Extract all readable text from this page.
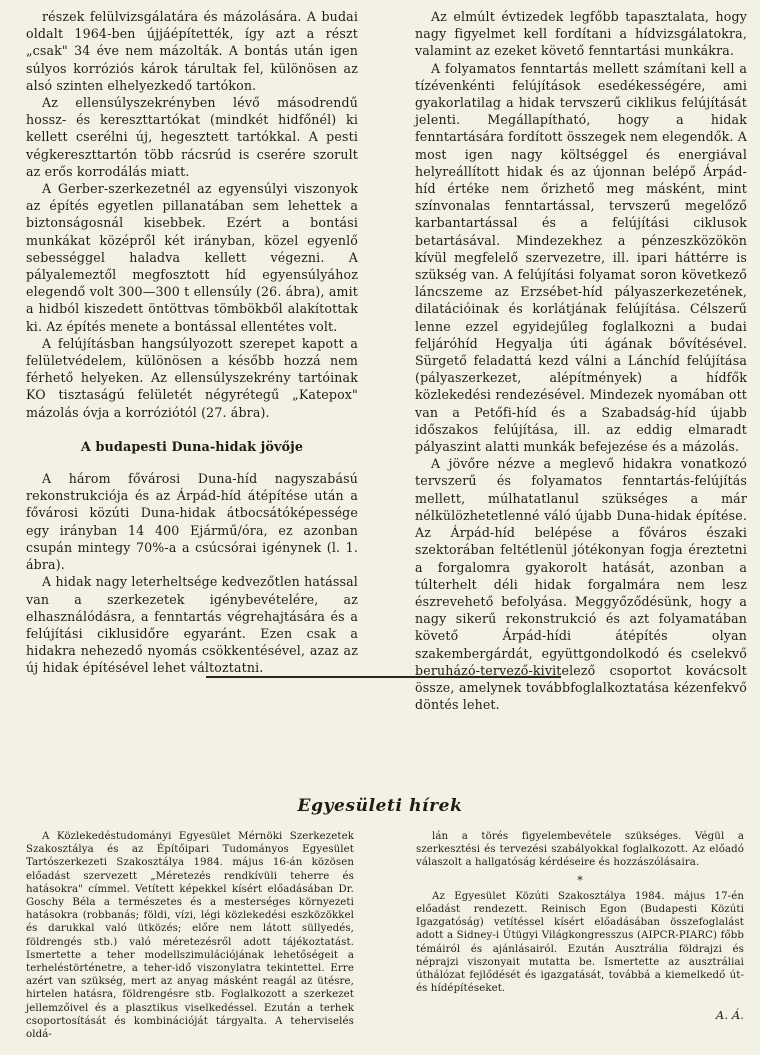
részek felülvizsgálatára és mázolására. A budai oldalt 1964-ben újjáépítették, így azt a részt „csak" 34 éve nem mázolták. A bontás után igen súlyos korróziós károk tárultak fel, különösen az alsó szinten elhelyezkedő tartókon.

Az ellensúlyszekrényben lévő másodrendű hossz- és kereszttartókat (mindkét hidfőnél) ki kellett cserélni új, hegesztett tartókkal. A pesti végkereszttartón több rácsrúd is cserére szorult az erős korrodálás miatt.

A Gerber-szerkezetnél az egyensúlyi viszonyok az építés egyetlen pillanatában sem lehettek a biztonságosnál kisebbek. Ezért a bontási munkákat középről két irányban, közel egyenlő sebességgel haladva kellett végezni. A pályalemeztől megfosztott híd egyensúlyához elegendő volt 300—300 t ellensúly (26. ábra), amit a hidból kiszedett öntöttvas tömbökből alakítottak ki. Az építés menete a bontással ellentétes volt.

A felújításban hangsúlyozott szerepet kapott a felületvédelem, különösen a később hozzá nem férhető helyeken. Az ellensúlyszekrény tartóinak KO tisztaságú felületét négyrétegű „Katepox" mázolás óvja a korróziótól (27. ábra).

A budapesti Duna-hidak jövője

A három fővárosi Duna-híd nagyszabású rekonstrukciója és az Árpád-híd átépítése után a fővárosi közúti Duna-hidak átbocsátóképessége egy irányban 14 400 Ejármű/óra, ez azonban csupán mintegy 70%-a a csúcsórai igénynek (l. 1. ábra).

A hidak nagy leterheltsége kedvezőtlen hatással van a szerkezetek igénybevételére, az elhasználódásra, a fenntartás végrehajtására és a felújítási ciklusidőre egyaránt. Ezen csak a hidakra nehezedő nyomás csökkentésével, azaz az új hidak építésével lehet változtatni.

Az elmúlt évtizedek legfőbb tapasztalata, hogy nagy figyelmet kell fordítani a hídvizsgálatokra, valamint az ezeket követő fenntartási munkákra.

A folyamatos fenntartás mellett számítani kell a tízévenkénti felújítások esedékességére, ami gyakorlatilag a hidak tervszerű ciklikus felújítását jelenti. Megállapítható, hogy a hidak fenntartására fordított összegek nem elegendők. A most igen nagy költséggel és energiával helyreállított hidak és az újonnan belépő Árpád-híd értéke nem őrizhető meg másként, mint színvonalas fenntartással, tervszerű megelőző karbantartással és a felújítási ciklusok betartásával. Mindezekhez a pénzeszközökön kívül megfelelő szervezetre, ill. ipari háttérre is szükség van. A felújítási folyamat soron következő láncszeme az Erzsébet-híd pályaszerkezetének, dilatációinak és korlátjának felújítása. Célszerű lenne ezzel egyidejűleg foglalkozni a budai feljáróhíd Hegyalja úti ágának bővítésével. Sürgető feladattá kezd válni a Lánchíd felújítása (pályaszerkezet, alépítmények) a hídfők közlekedési rendezésével. Mindezek nyomában ott van a Petőfi-híd és a Szabadság-híd újabb időszakos felújítása, ill. az eddig elmaradt pályaszint alatti munkák befejezése és a mázolás.

A jövőre nézve a meglevő hidakra vonatkozó tervszerű és folyamatos fenntartás-felújítás mellett, múlhatatlanul szükséges a már nélkülözhetetlenné váló újabb Duna-hidak építése. Az Árpád-híd belépése a főváros északi szektorában feltétlenül jótékonyan fogja éreztetni a forgalomra gyakorolt hatását, azonban a túlterhelt déli hidak forgalmára nem lesz észrevehető befolyása. Meggyőződésünk, hogy a nagy sikerű rekonstrukció és azt folyamatában követő Árpád-hídi átépítés olyan szakembergárdát, együttgondolkodó és cselekvő beruházó-tervező-kivitelező csoportot kovácsolt össze, amelynek továbbfoglalkoztatása kézenfekvő döntés lehet.

Egyesületi hírek

A Közlekedéstudományi Egyesület Mérnöki Szerkezetek Szakosztálya és az Építőipari Tudományos Egyesület Tartószerkezeti Szakosztálya 1984. május 16-án közösen előadást szervezett „Méretezés rendkívüli teherre és hatásokra" címmel. Vetített képekkel kísért előadásában Dr. Goschy Béla a természetes és a mesterséges környezeti hatásokra (robbanás; földi, vízi, légi közlekedési eszközökkel és darukkal való ütközés; előre nem látott süllyedés, földrengés stb.) való méretezésről adott tájékoztatást. Ismertette a teher modellszimulációjának lehetőségeit a terheléstörténetre, a teher-idő viszonylatra tekintettel. Erre azért van szükség, mert az anyag másként reagál az ütésre, hirtelen hatásra, földrengésre stb. Foglalkozott a szerkezet jellemzőivel és a plasztikus viselkedéssel. Ezután a terhek csoportosítását és kombinációját tárgyalta. A teherviselés oldá-

lán a törés figyelembevétele szükséges. Végül a szerkesztési és tervezési szabályokkal foglalkozott. Az előadó válaszolt a hallgatóság kérdéseire és hozzászólásaira.

*

Az Egyesület Közúti Szakosztálya 1984. május 17-én előadást rendezett. Reinisch Egon (Budapesti Közúti Igazgatóság) vetítéssel kísért előadásában összefoglalást adott a Sidney-i Útügyi Világkongresszus (AIPCR-PIARC) főbb témáiról és ajánlásairól. Ezután Ausztrália földrajzi és néprajzi viszonyait mutatta be. Ismertette az ausztráliai úthálózat fejlődését és igazgatását, továbbá a kiemelkedő út- és hídépítéseket.

A. Á.
